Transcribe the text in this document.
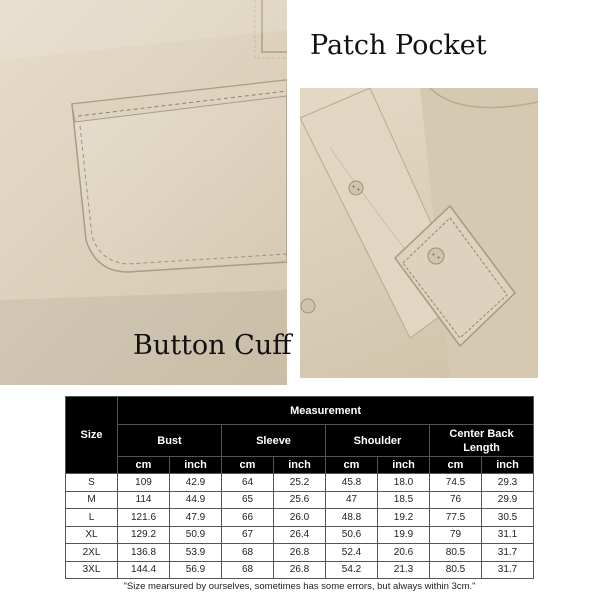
Patch Pocket
Button Cuff
Size	Measurement							
	Bust		Sleeve		Shoulder		Center Back
Length	
	cm	inch	cm	inch	cm	inch	cm	inch
S	109	42.9	64	25.2	45.8	18.0	74.5	29.3
M	114	44.9	65	25.6	47	18.5	76	29.9
L	121.6	47.9	66	26.0	48.8	19.2	77.5	30.5
XL	129.2	50.9	67	26.4	50.6	19.9	79	31.1
2XL	136.8	53.9	68	26.8	52.4	20.6	80.5	31.7
3XL	144.4	56.9	68	26.8	54.2	21.3	80.5	31.7
"Size mearsured by ourselves, sometimes has some errors, but always within 3cm."								
